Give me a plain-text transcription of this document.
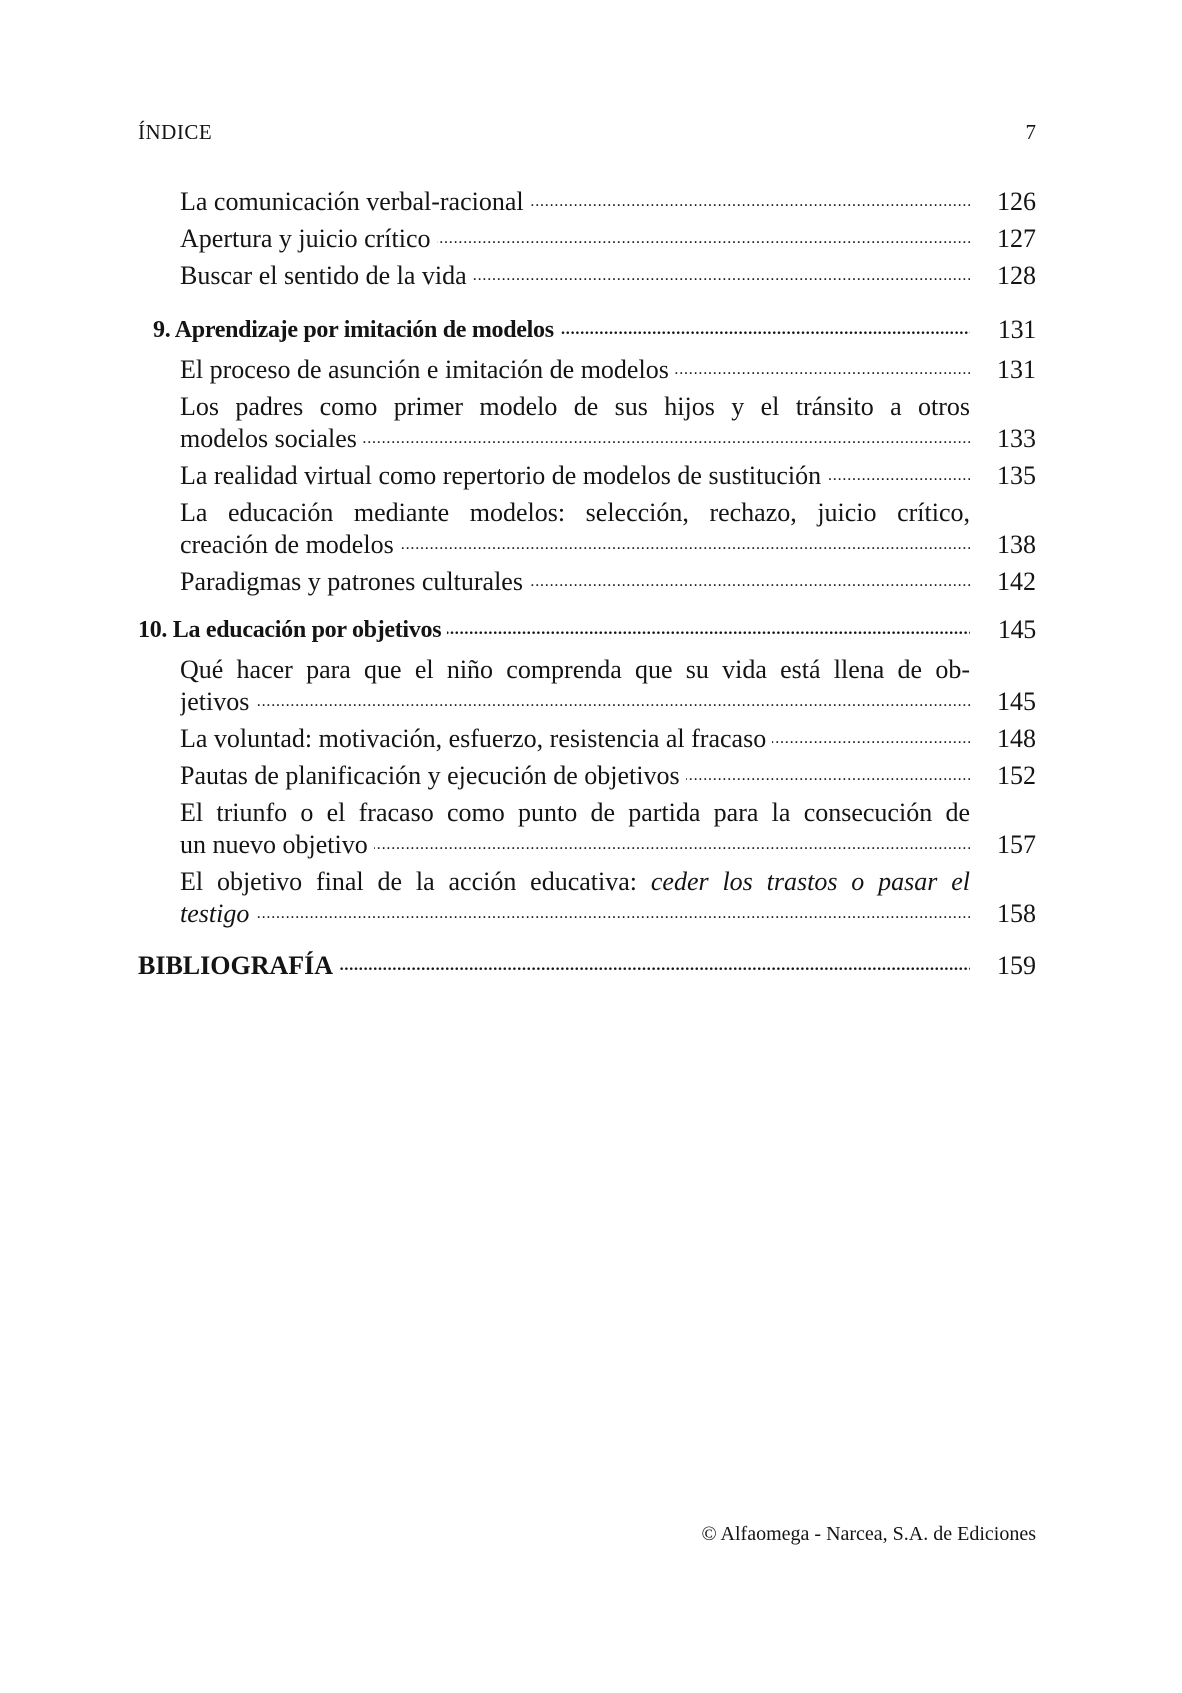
ÍNDICE	7
La comunicación verbal-racional . . .	126
Apertura y juicio crítico . . .	127
Buscar el sentido de la vida . . .	128
9. Aprendizaje por imitación de modelos . . .	131
El proceso de asunción e imitación de modelos . . .	131
Los padres como primer modelo de sus hijos y el tránsito a otros
modelos sociales . . .	133
La realidad virtual como repertorio de modelos de sustitución . . .	135
La educación mediante modelos: selección, rechazo, juicio crítico,
creación de modelos . . .	138
Paradigmas y patrones culturales . . .	142
10. La educación por objetivos . . .	145
Qué hacer para que el niño comprenda que su vida está llena de ob-
jetivos . . .	145
La voluntad: motivación, esfuerzo, resistencia al fracaso . . .	148
Pautas de planificación y ejecución de objetivos . . .	152
El triunfo o el fracaso como punto de partida para la consecución de
un nuevo objetivo . . .	157
El objetivo final de la acción educativa: ceder los trastos o pasar el
testigo . . .	158
BIBLIOGRAFÍA . . .	159
© Alfaomega - Narcea, S.A. de Ediciones
